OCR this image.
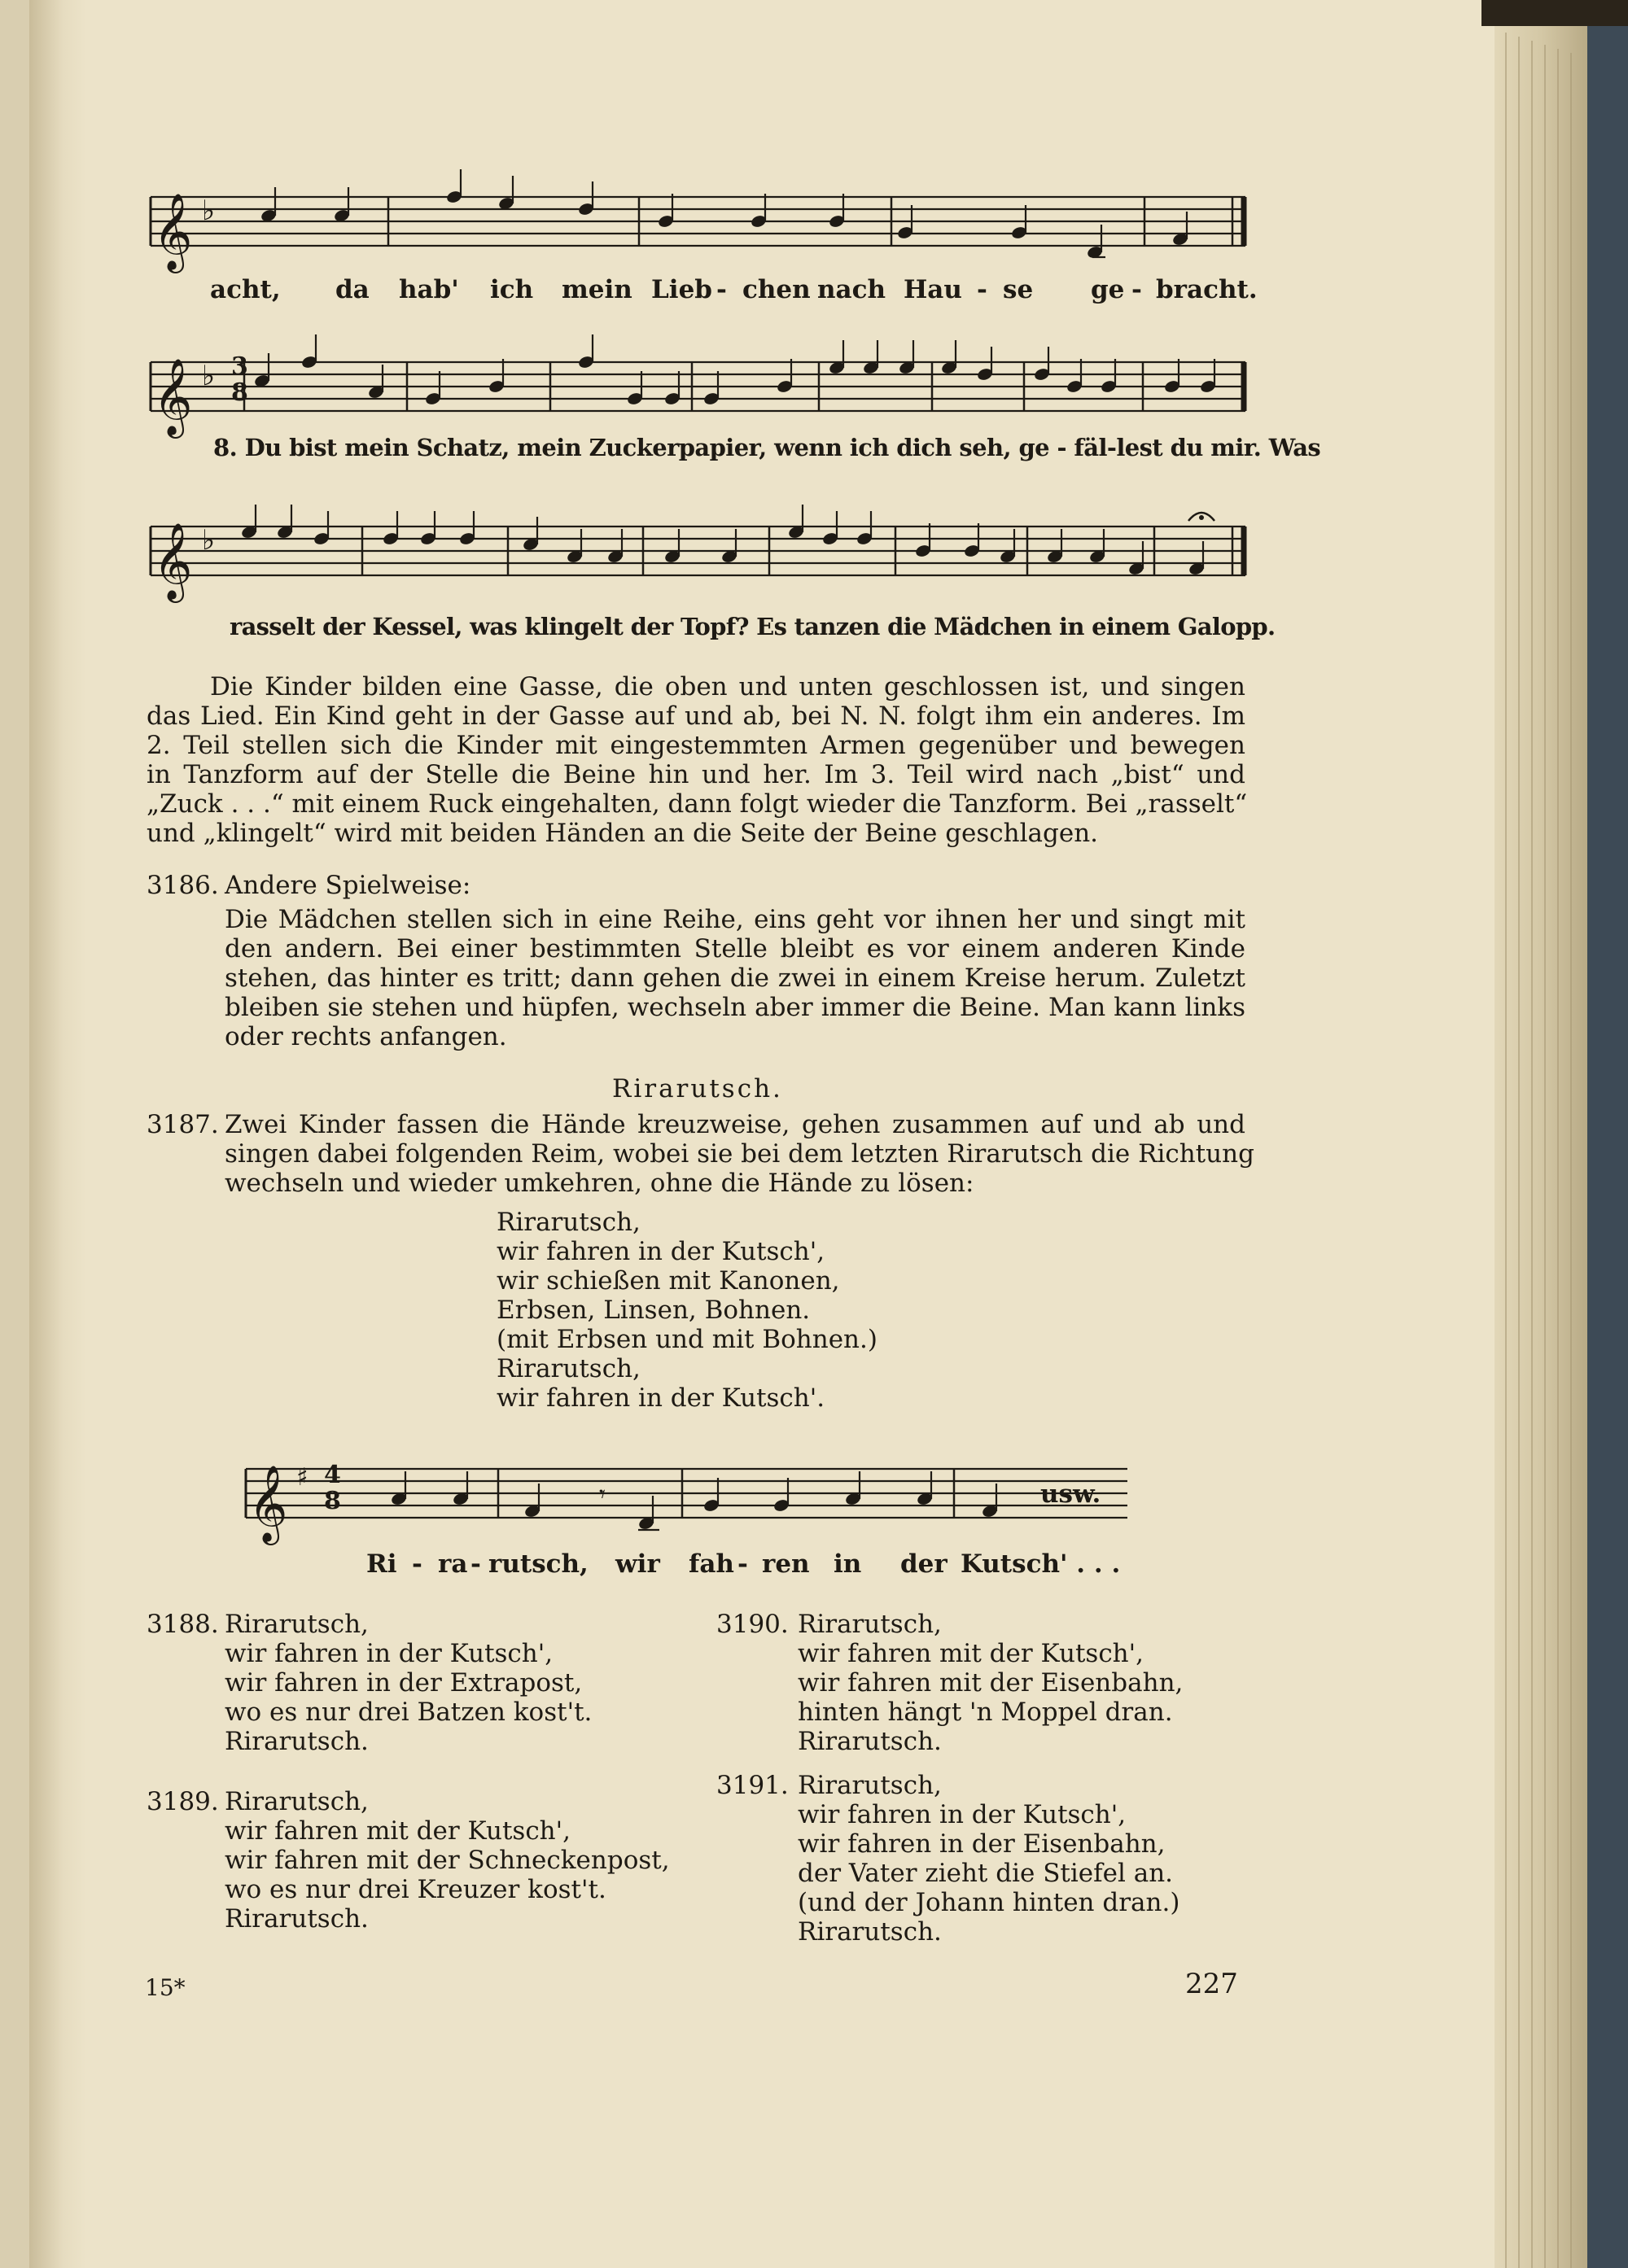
𝄞 ♭
𝄞 ♭
𝄞 ♭
𝄞 ♯
𝄾
3
8
4
8	usw.
acht, da hab' ich mein Lieb - chen nach Hau - se ge - bracht.
8. Du bist mein Schatz, mein Zuckerpapier, wenn ich dich seh, ge - fäl-lest du mir. Was
rasselt der Kessel, was klingelt der Topf? Es tanzen die Mädchen in einem Galopp.
Die Kinder bilden eine Gasse, die oben und unten geschlossen ist, und singen
das Lied. Ein Kind geht in der Gasse auf und ab, bei N. N. folgt ihm ein anderes. Im
2. Teil stellen sich die Kinder mit eingestemmten Armen gegenüber und bewegen
in Tanzform auf der Stelle die Beine hin und her. Im 3. Teil wird nach „bist“ und
„Zuck . . .“ mit einem Ruck eingehalten, dann folgt wieder die Tanzform. Bei „rasselt“
und „klingelt“ wird mit beiden Händen an die Seite der Beine geschlagen.
3186. Andere Spielweise:
Die Mädchen stellen sich in eine Reihe, eins geht vor ihnen her und singt mit
den andern. Bei einer bestimmten Stelle bleibt es vor einem anderen Kinde
stehen, das hinter es tritt; dann gehen die zwei in einem Kreise herum. Zuletzt
bleiben sie stehen und hüpfen, wechseln aber immer die Beine. Man kann links
oder rechts anfangen.
Rirarutsch.
3187. Zwei Kinder fassen die Hände kreuzweise, gehen zusammen auf und ab und
singen dabei folgenden Reim, wobei sie bei dem letzten Rirarutsch die Richtung
wechseln und wieder umkehren, ohne die Hände zu lösen:
Rirarutsch,
wir fahren in der Kutsch',
wir schießen mit Kanonen,
Erbsen, Linsen, Bohnen.
(mit Erbsen und mit Bohnen.)
Rirarutsch,
wir fahren in der Kutsch'.
Ri - ra - rutsch, wir fah - ren in der Kutsch' . . .
3188. Rirarutsch,
wir fahren in der Kutsch',
wir fahren in der Extrapost,
wo es nur drei Batzen kost't.
Rirarutsch.
3189. Rirarutsch,
wir fahren mit der Kutsch',
wir fahren mit der Schneckenpost,
wo es nur drei Kreuzer kost't.
Rirarutsch.
3190. Rirarutsch,
wir fahren mit der Kutsch',
wir fahren mit der Eisenbahn,
hinten hängt 'n Moppel dran.
Rirarutsch.
3191. Rirarutsch,
wir fahren in der Kutsch',
wir fahren in der Eisenbahn,
der Vater zieht die Stiefel an.
(und der Johann hinten dran.)
Rirarutsch.
15*	227
